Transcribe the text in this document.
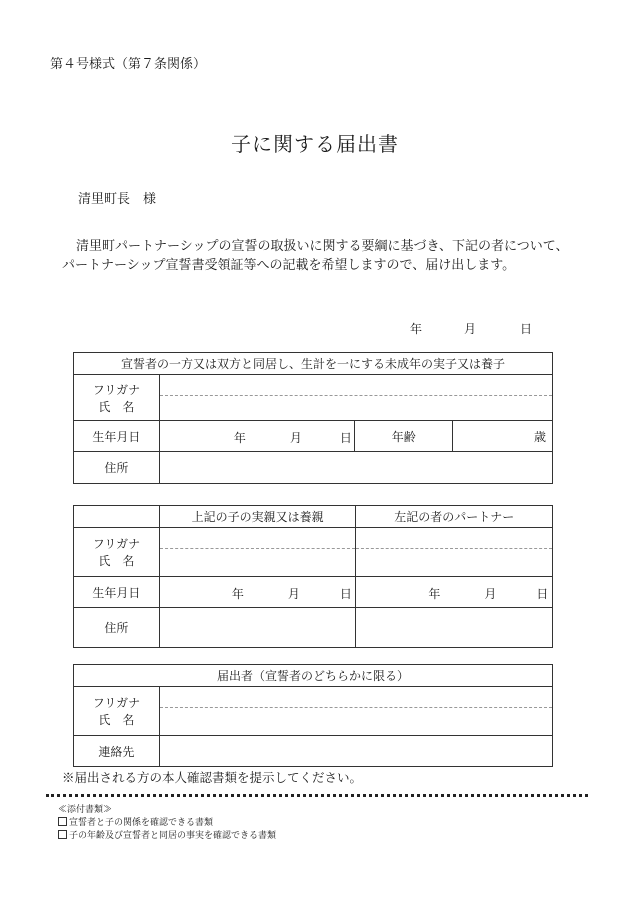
第４号様式（第７条関係）
子に関する届出書
清里町長　様
清里町パートナーシップの宣誓の取扱いに関する要綱に基づき、下記の者について、
パートナーシップ宣誓書受領証等への記載を希望しますので、届け出します。
年	月	日
宣誓者の一方又は双方と同居し、生計を一にする未成年の実子又は養子			

フリガナ
氏　名			

生年月日	年 月 日	年齢	歳
住所			
	上記の子の実親又は養親	左記の者のパートナー

フリガナ
氏　名		

生年月日	年 月 日	年 月 日

住所		
届出者（宣誓者のどちらかに限る）	

フリガナ
氏　名	

連絡先	
※届出される方の本人確認書類を提示してください。
≪添付書類≫
宣誓者と子の関係を確認できる書類
子の年齢及び宣誓者と同居の事実を確認できる書類
